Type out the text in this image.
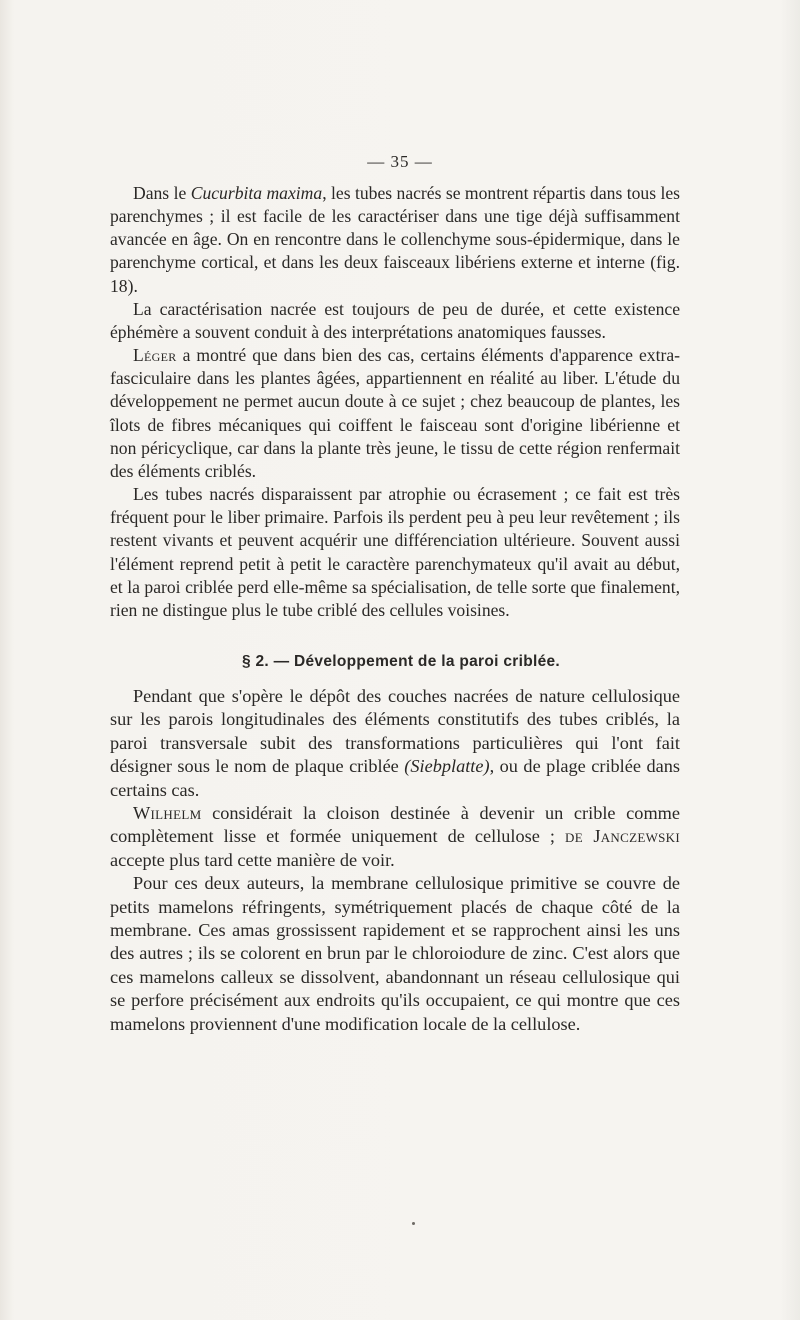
— 35 —

Dans le Cucurbita maxima, les tubes nacrés se montrent répartis dans tous les parenchymes ; il est facile de les caractériser dans une tige déjà suffisamment avancée en âge. On en rencontre dans le collenchyme sous-épidermique, dans le parenchyme cortical, et dans les deux faisceaux libériens externe et interne (fig. 18).

La caractérisation nacrée est toujours de peu de durée, et cette existence éphémère a souvent conduit à des interprétations anatomiques fausses.

Léger a montré que dans bien des cas, certains éléments d'apparence extra-fasciculaire dans les plantes âgées, appartiennent en réalité au liber. L'étude du développement ne permet aucun doute à ce sujet ; chez beaucoup de plantes, les îlots de fibres mécaniques qui coiffent le faisceau sont d'origine libérienne et non péricyclique, car dans la plante très jeune, le tissu de cette région renfermait des éléments criblés.

Les tubes nacrés disparaissent par atrophie ou écrasement ; ce fait est très fréquent pour le liber primaire. Parfois ils perdent peu à peu leur revêtement ; ils restent vivants et peuvent acquérir une différenciation ultérieure. Souvent aussi l'élément reprend petit à petit le caractère parenchymateux qu'il avait au début, et la paroi criblée perd elle-même sa spécialisation, de telle sorte que finalement, rien ne distingue plus le tube criblé des cellules voisines.

§ 2. — Développement de la paroi criblée.

Pendant que s'opère le dépôt des couches nacrées de nature cellulosique sur les parois longitudinales des éléments constitutifs des tubes criblés, la paroi transversale subit des transformations particulières qui l'ont fait désigner sous le nom de plaque criblée (Siebplatte), ou de plage criblée dans certains cas.

Wilhelm considérait la cloison destinée à devenir un crible comme complètement lisse et formée uniquement de cellulose ; de Janczewski accepte plus tard cette manière de voir.

Pour ces deux auteurs, la membrane cellulosique primitive se couvre de petits mamelons réfringents, symétriquement placés de chaque côté de la membrane. Ces amas grossissent rapidement et se rapprochent ainsi les uns des autres ; ils se colorent en brun par le chloroiodure de zinc. C'est alors que ces mamelons calleux se dissolvent, abandonnant un réseau cellulosique qui se perfore précisément aux endroits qu'ils occupaient, ce qui montre que ces mamelons proviennent d'une modification locale de la cellulose.
